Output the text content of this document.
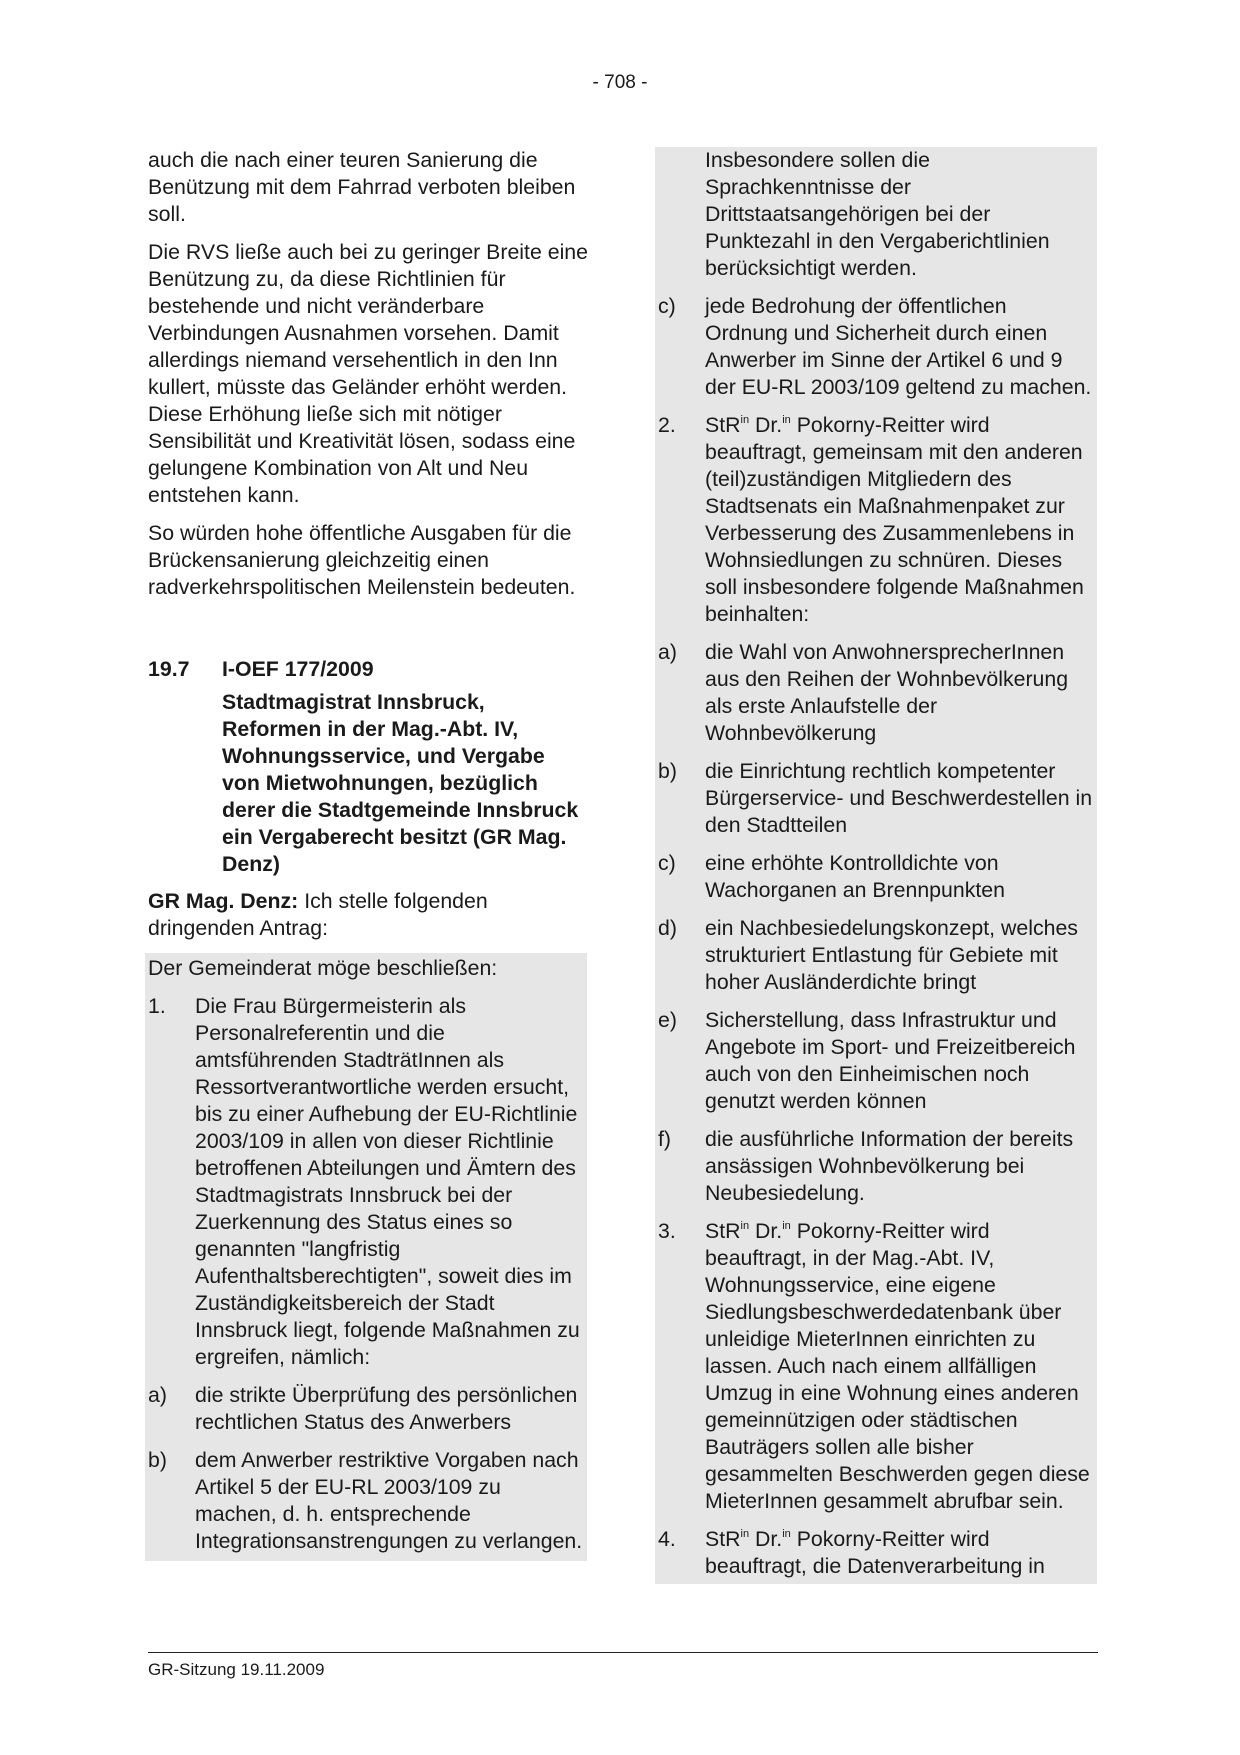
- 708 -

auch die nach einer teuren Sanierung die Benützung mit dem Fahrrad verboten bleiben soll.

Die RVS ließe auch bei zu geringer Breite eine Benützung zu, da diese Richtlinien für bestehende und nicht veränderbare Verbindungen Ausnahmen vorsehen. Damit allerdings niemand versehentlich in den Inn kullert, müsste das Geländer erhöht werden. Diese Erhöhung ließe sich mit nötiger Sensibilität und Kreativität lösen, sodass eine gelungene Kombination von Alt und Neu entstehen kann.

So würden hohe öffentliche Ausgaben für die Brückensanierung gleichzeitig einen radverkehrspolitischen Meilenstein bedeuten.

19.7	I-OEF 177/2009
Stadtmagistrat Innsbruck, Reformen in der Mag.-Abt. IV, Wohnungsservice, und Vergabe von Mietwohnungen, bezüglich derer die Stadtgemeinde Innsbruck ein Vergaberecht besitzt (GR Mag. Denz)

GR Mag. Denz: Ich stelle folgenden dringenden Antrag:

Der Gemeinderat möge beschließen:

1.	Die Frau Bürgermeisterin als Personalreferentin und die amtsführenden StadträtInnen als Ressortverantwortliche werden ersucht, bis zu einer Aufhebung der EU-Richtlinie 2003/109 in allen von dieser Richtlinie betroffenen Abteilungen und Ämtern des Stadtmagistrats Innsbruck bei der Zuerkennung des Status eines so genannten "langfristig Aufenthaltsberechtigten", soweit dies im Zuständigkeitsbereich der Stadt Innsbruck liegt, folgende Maßnahmen zu ergreifen, nämlich:
a)	die strikte Überprüfung des persönlichen rechtlichen Status des Anwerbers
b)	dem Anwerber restriktive Vorgaben nach Artikel 5 der EU-RL 2003/109 zu machen, d. h. entsprechende Integrationsanstrengungen zu verlangen.
Insbesondere sollen die Sprachkenntnisse der Drittstaatsangehörigen bei der Punktezahl in den Vergaberichtlinien berücksichtigt werden.
c)	jede Bedrohung der öffentlichen Ordnung und Sicherheit durch einen Anwerber im Sinne der Artikel 6 und 9 der EU-RL 2003/109 geltend zu machen.
2.	StR$^{in}$ Dr.$^{in}$ Pokorny-Reitter wird beauftragt, gemeinsam mit den anderen (teil)zuständigen Mitgliedern des Stadtsenats ein Maßnahmenpaket zur Verbesserung des Zusammenlebens in Wohnsiedlungen zu schnüren. Dieses soll insbesondere folgende Maßnahmen beinhalten:
a)	die Wahl von AnwohnersprecherInnen aus den Reihen der Wohnbevölkerung als erste Anlaufstelle der Wohnbevölkerung
b)	die Einrichtung rechtlich kompetenter Bürgerservice- und Beschwerdestellen in den Stadtteilen
c)	eine erhöhte Kontrolldichte von Wachorganen an Brennpunkten
d)	ein Nachbesiedelungskonzept, welches strukturiert Entlastung für Gebiete mit hoher Ausländerdichte bringt
e)	Sicherstellung, dass Infrastruktur und Angebote im Sport- und Freizeitbereich auch von den Einheimischen noch genutzt werden können
f)	die ausführliche Information der bereits ansässigen Wohnbevölkerung bei Neubesiedelung.
3.	StR$^{in}$ Dr.$^{in}$ Pokorny-Reitter wird beauftragt, in der Mag.-Abt. IV, Wohnungsservice, eine eigene Siedlungsbeschwerdedatenbank über unleidige MieterInnen einrichten zu lassen. Auch nach einem allfälligen Umzug in eine Wohnung eines anderen gemeinnützigen oder städtischen Bauträgers sollen alle bisher gesammelten Beschwerden gegen diese MieterInnen gesammelt abrufbar sein.
4.	StR$^{in}$ Dr.$^{in}$ Pokorny-Reitter wird beauftragt, die Datenverarbeitung in
GR-Sitzung 19.11.2009
